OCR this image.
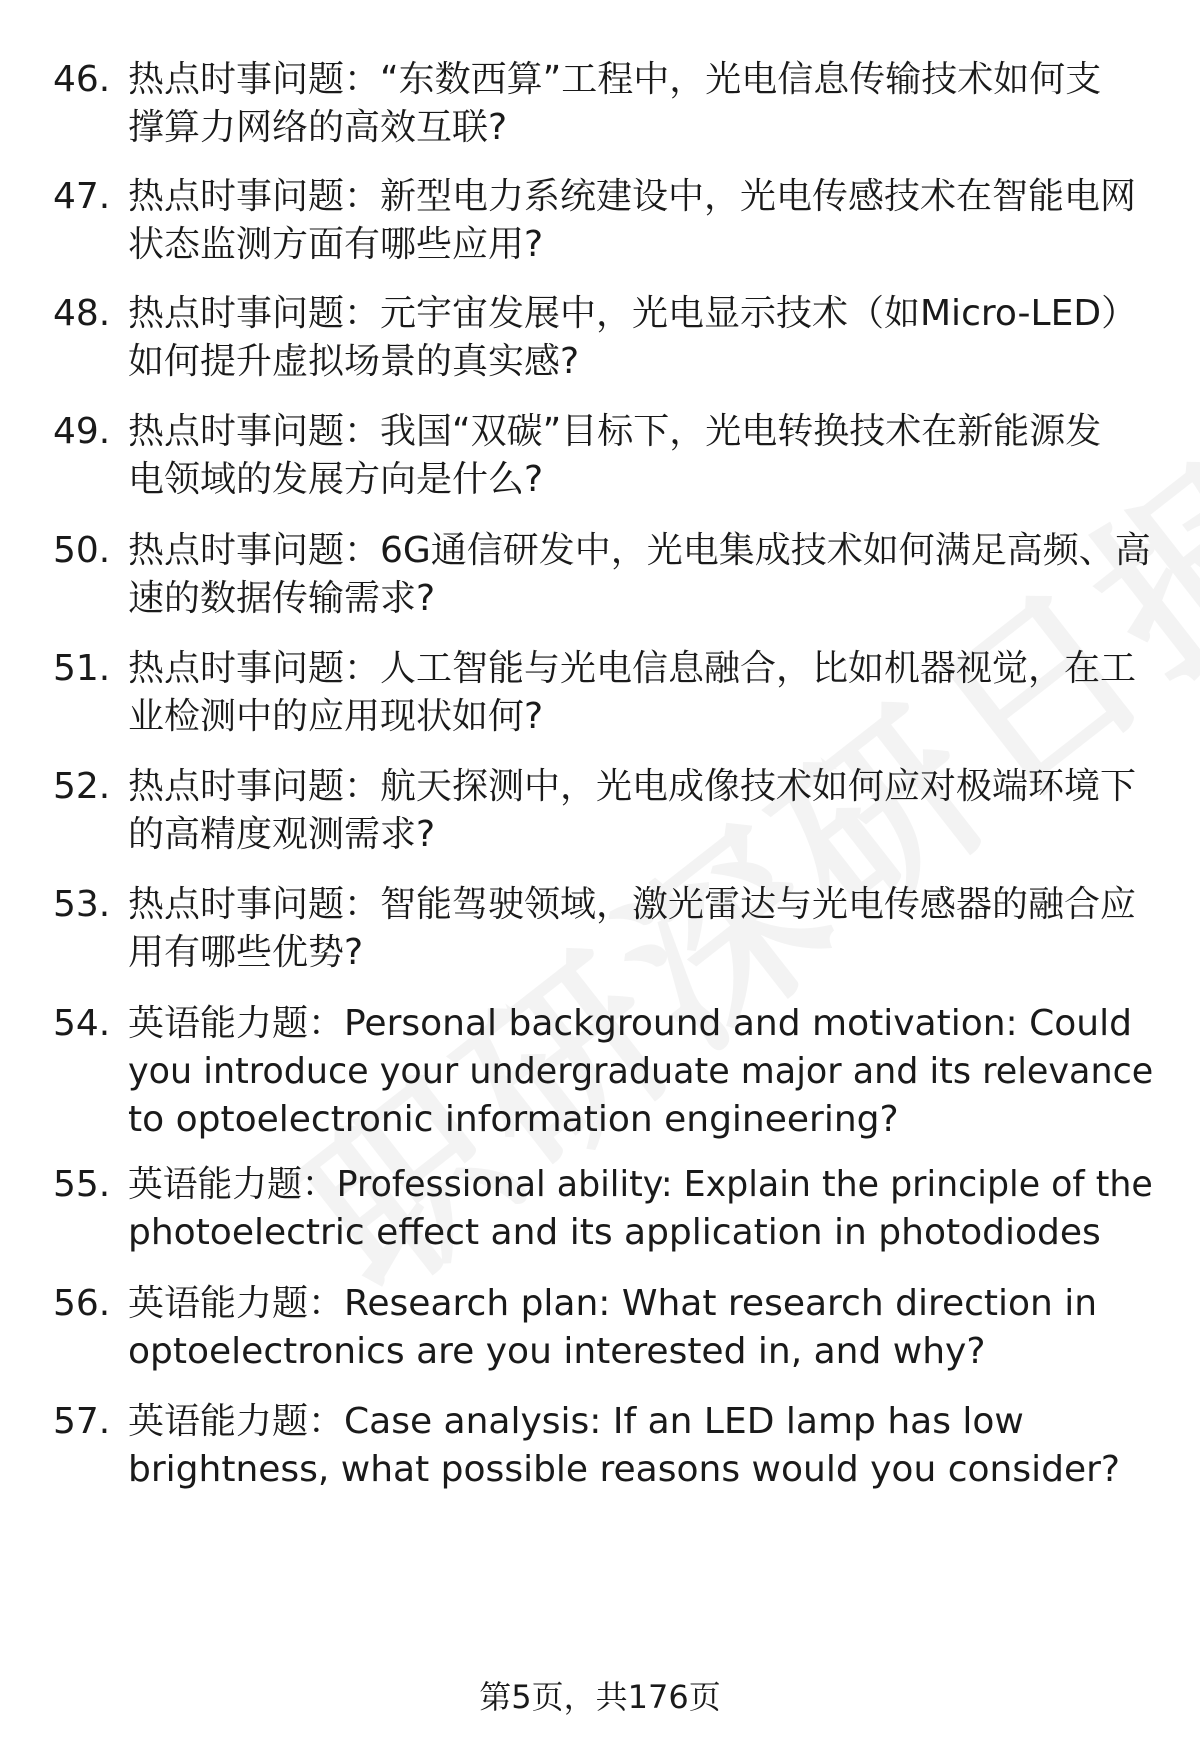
46. 热点时事问题：“东数西算”工程中，光电信息传输技术如何支
撑算力网络的高效互联?
47. 热点时事问题：新型电力系统建设中，光电传感技术在智能电网
状态监测方面有哪些应用?
48. 热点时事问题：元宇宙发展中，光电显示技术（如Micro-LED）
如何提升虚拟场景的真实感?
49. 热点时事问题：我国“双碳”目标下，光电转换技术在新能源发
电领域的发展方向是什么?
50. 热点时事问题：6G通信研发中，光电集成技术如何满足高频、高
速的数据传输需求?
51. 热点时事问题：人工智能与光电信息融合，比如机器视觉，在工
业检测中的应用现状如何?
52. 热点时事问题：航天探测中，光电成像技术如何应对极端环境下
的高精度观测需求?
53. 热点时事问题：智能驾驶领域，激光雷达与光电传感器的融合应
用有哪些优势?
54. 英语能力题：Personal background and motivation: Could
you introduce your undergraduate major and its relevance
to optoelectronic information engineering?
55. 英语能力题：Professional ability: Explain the principle of the
photoelectric effect and its application in photodiodes
56. 英语能力题：Research plan: What research direction in
optoelectronics are you interested in, and why?
57. 英语能力题：Case analysis: If an LED lamp has low
brightness, what possible reasons would you consider?
第5页，共176页
